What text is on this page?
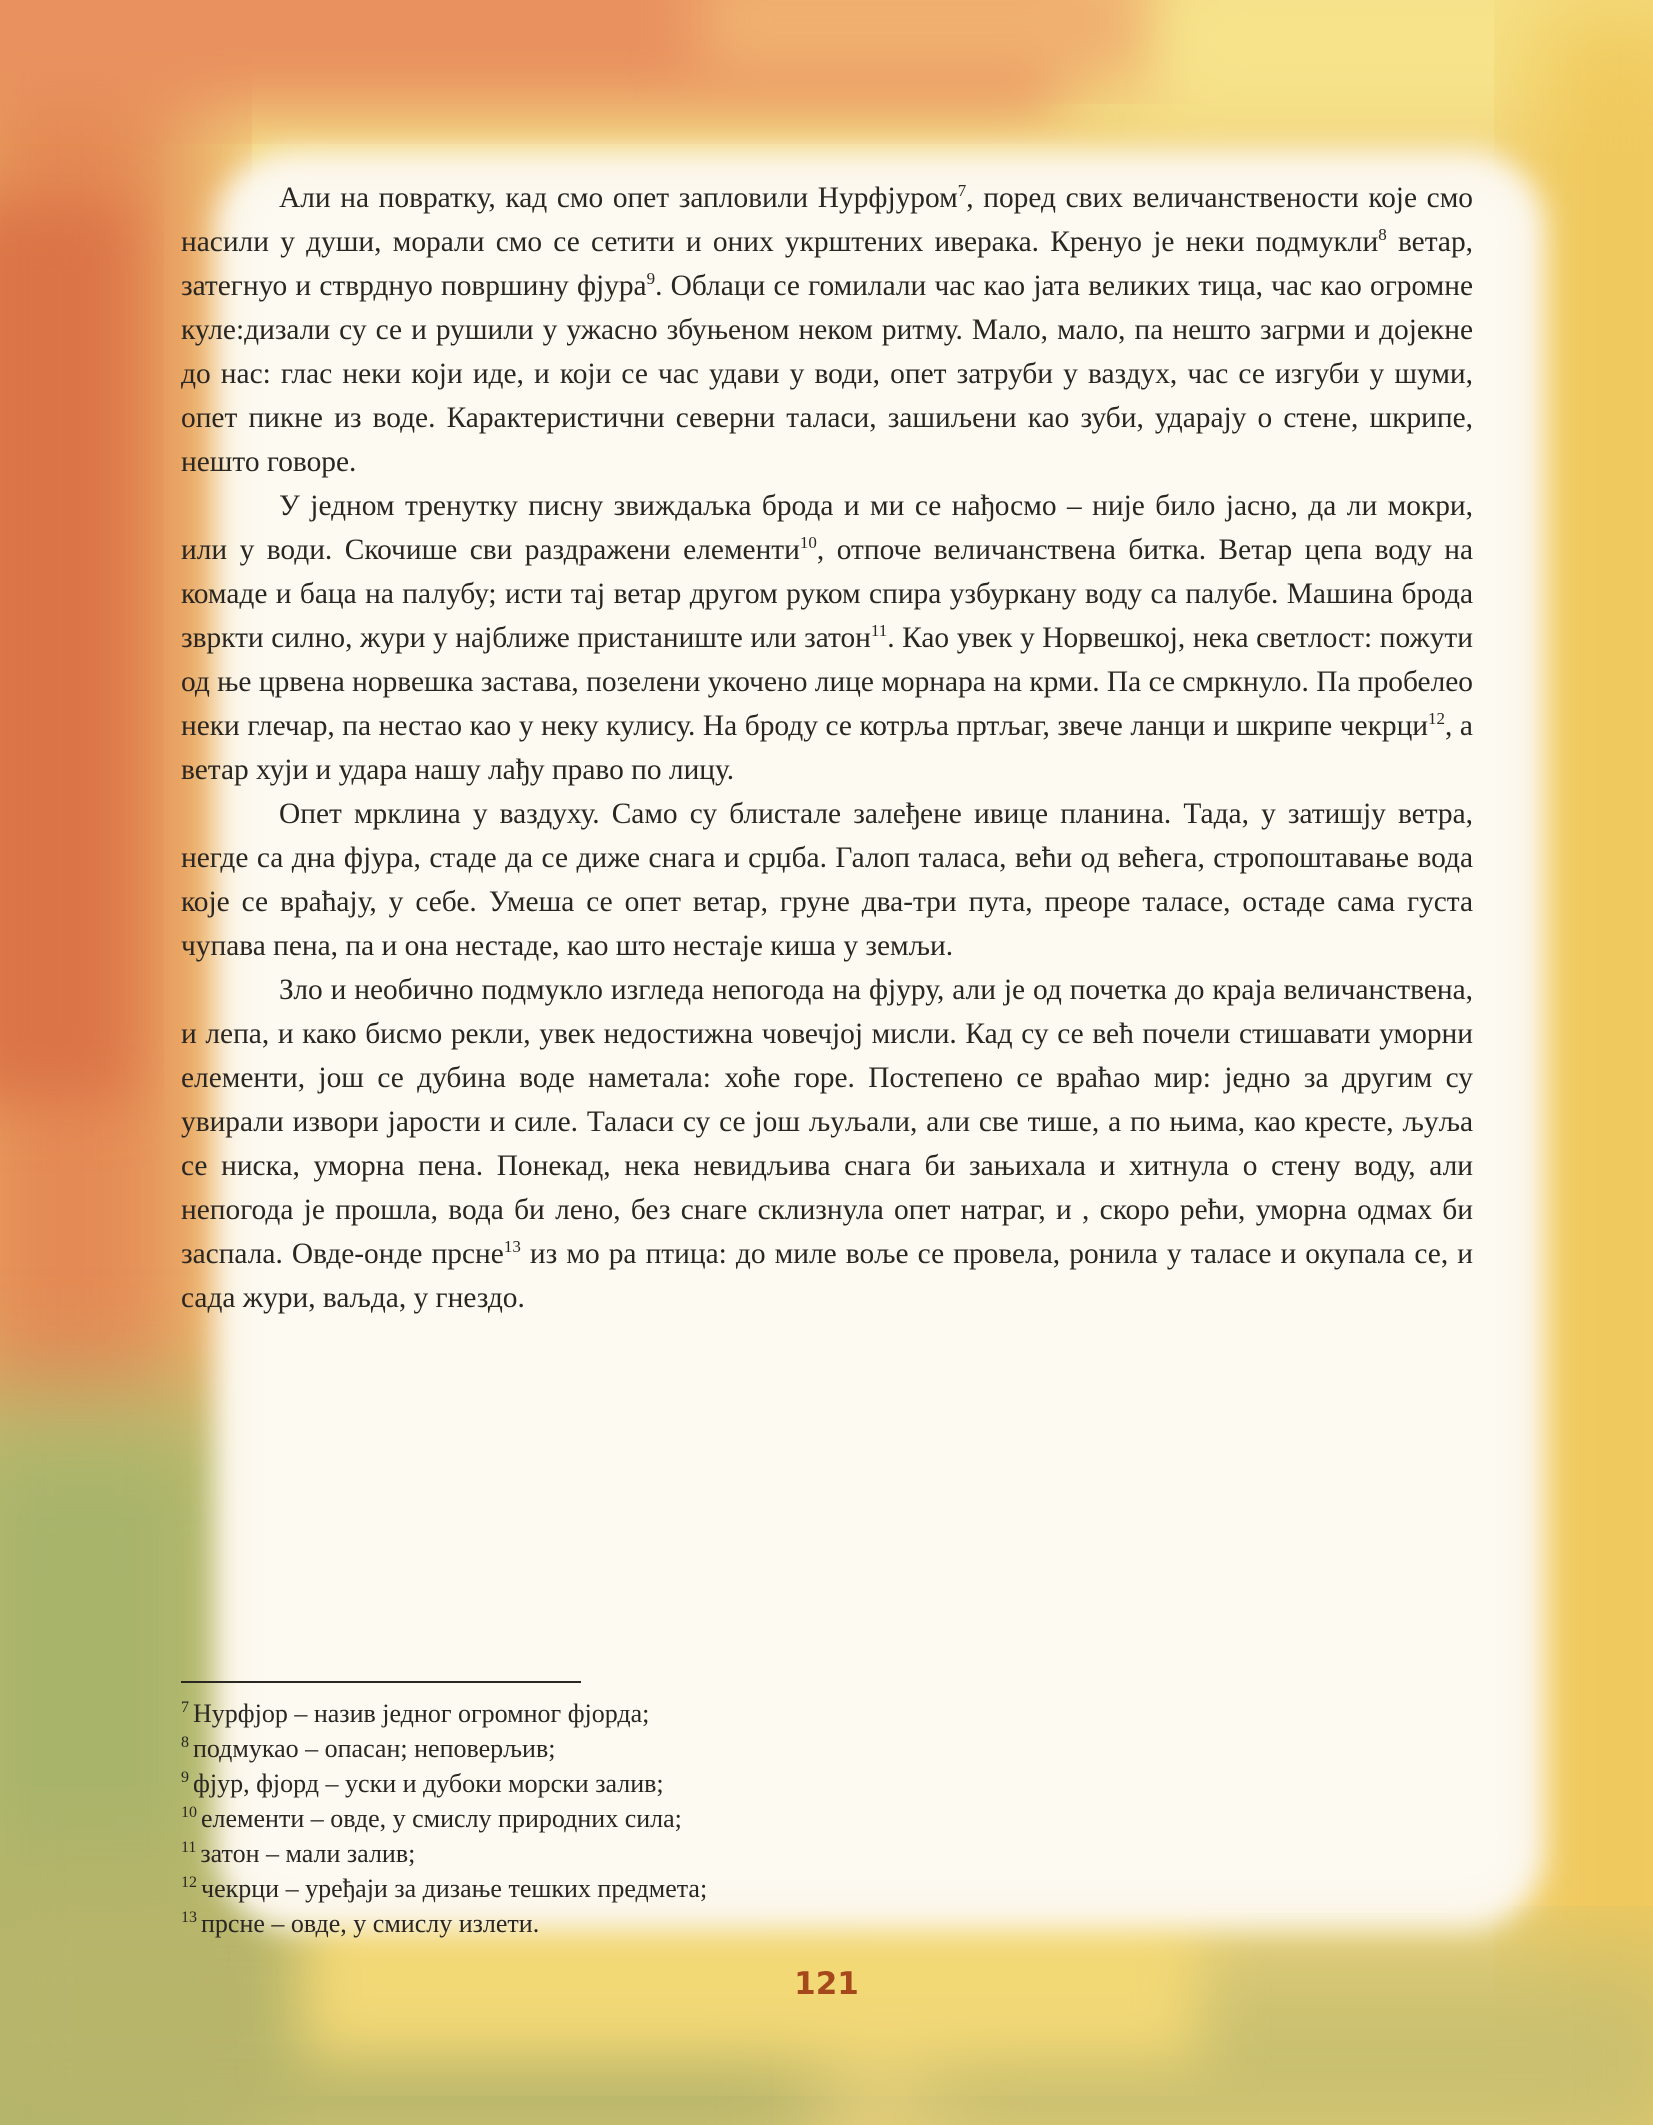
Али на повратку, кад смо опет запловили Нурфјуром$^7$, поред свих величанствености које смо насили у души, морали смо се сетити и оних укрштених иверака. Кренуо је неки подмукли$^8$ ветар, затегнуо и стврднуо површину фјура$^9$. Облаци се гомилали час као јата великих тица, час као огромне куле:дизали су се и рушили у ужасно збуњеном неком ритму. Мало, мало, па нешто загрми и дојекне до нас: глас неки који иде, и који се час удави у води, опет затруби у ваздух, час се изгуби у шуми, опет пикне из воде. Карактеристични северни таласи, зашиљени као зуби, ударају о стене, шкрипе, нешто говоре.

У једном тренутку писну звиждаљка брода и ми се нађосмо – није било јасно, да ли мокри, или у води. Скочише сви раздражени елементи$^{10}$, отпоче величанствена битка. Ветар цепа воду на комаде и баца на палубу; исти тај ветар другом руком спира узбуркану воду са палубе. Машина брода звркти силно, жури у најближе пристаниште или затон$^{11}$. Као увек у Норвешкој, нека светлост: пожути од ње црвена норвешка застава, позелени укочено лице морнара на крми. Па се смркнуло. Па пробелео неки глечар, па нестао као у неку кулису. На броду се котрља пртљаг, звече ланци и шкрипе чекрци$^{12}$, а ветар хуји и удара нашу лађу право по лицу.

Опет мрклина у ваздуху. Само су блистале залеђене ивице планина. Тада, у затишју ветра, негде са дна фјура, стаде да се диже снага и срџба. Галоп таласа, већи од већега, стропоштавање вода које се враћају, у себе. Умеша се опет ветар, груне два-три пута, преоре таласе, остаде сама густа чупава пена, па и она нестаде, као што нестаје киша у земљи.

Зло и необично подмукло изгледа непогода на фјуру, али је од почетка до краја величанствена, и лепа, и како бисмо рекли, увек недостижна човечјој мисли. Кад су се већ почели стишавати уморни елементи, још се дубина воде наметала: хоће горе. Постепено се враћао мир: једно за другим су увирали извори јарости и силе. Таласи су се још љуљали, али све тише, а по њима, као кресте, љуља се ниска, уморна пена. Понекад, нека невидљива снага би зањихала и хитнула о стену воду, али непогода је прошла, вода би лено, без снаге склизнула опет натраг, и , скоро рећи, уморна одмах би заспала. Овде-онде прсне$^{13}$ из мо ра птица: до миле воље се провела, ронила у таласе и окупала се, и сада жури, ваљда, у гнездо.

$^7$ Нурфјор – назив једног огромног фјорда;
$^8$ подмукао – опасан; неповерљив;
$^9$ фјур, фјорд – уски и дубоки морски залив;
$^{10}$ елементи – овде, у смислу природних сила;
$^{11}$ затон – мали залив;
$^{12}$ чекрци – уређаји за дизање тешких предмета;
$^{13}$ прсне – овде, у смислу излети.
121
